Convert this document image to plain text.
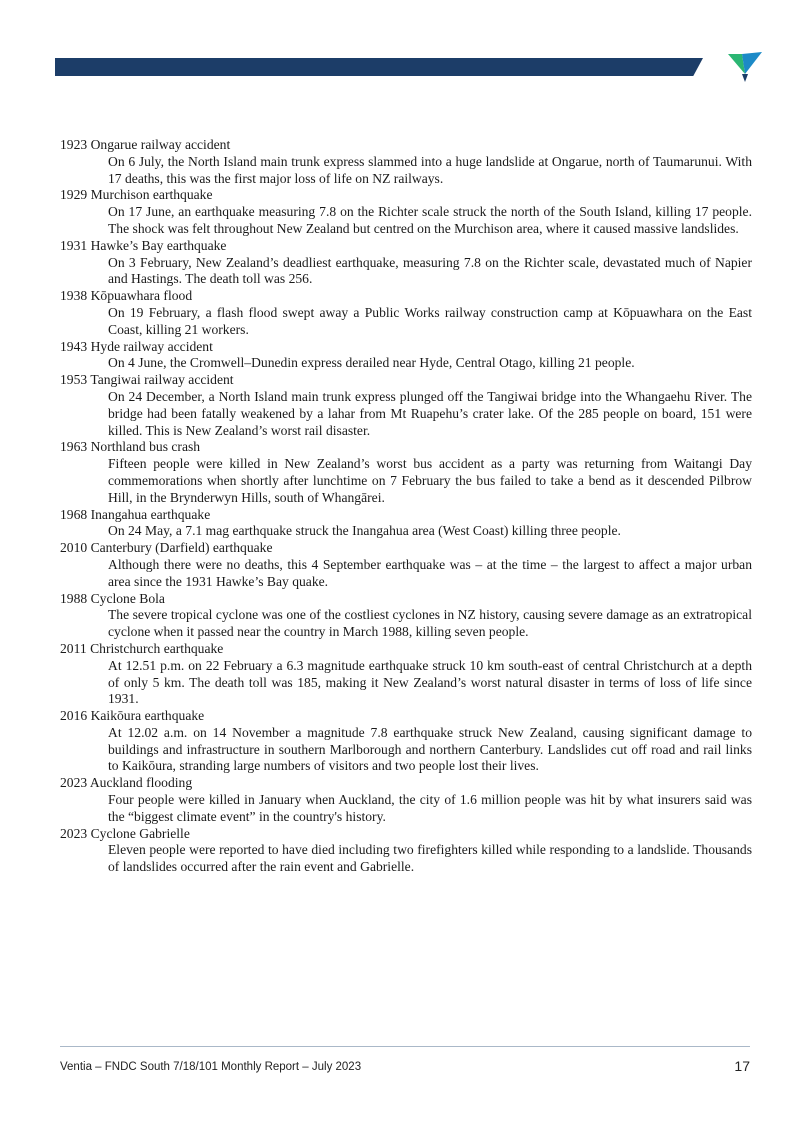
1923 Ongarue railway accident

On 6 July, the North Island main trunk express slammed into a huge landslide at Ongarue, north of Taumarunui. With 17 deaths, this was the first major loss of life on NZ railways.

1929 Murchison earthquake

On 17 June, an earthquake measuring 7.8 on the Richter scale struck the north of the South Island, killing 17 people. The shock was felt throughout New Zealand but centred on the Murchison area, where it caused massive landslides.

1931 Hawke’s Bay earthquake

On 3 February, New Zealand’s deadliest earthquake, measuring 7.8 on the Richter scale, devastated much of Napier and Hastings. The death toll was 256.

1938 Kōpuawhara flood

On 19 February, a flash flood swept away a Public Works railway construction camp at Kōpuawhara on the East Coast, killing 21 workers.

1943 Hyde railway accident

On 4 June, the Cromwell–Dunedin express derailed near Hyde, Central Otago, killing 21 people.

1953 Tangiwai railway accident

On 24 December, a North Island main trunk express plunged off the Tangiwai bridge into the Whangaehu River. The bridge had been fatally weakened by a lahar from Mt Ruapehu’s crater lake. Of the 285 people on board, 151 were killed. This is New Zealand’s worst rail disaster.

1963 Northland bus crash

Fifteen people were killed in New Zealand’s worst bus accident as a party was returning from Waitangi Day commemorations when shortly after lunchtime on 7 February the bus failed to take a bend as it descended Pilbrow Hill, in the Brynderwyn Hills, south of Whangārei.

1968 Inangahua earthquake

On 24 May, a 7.1 mag earthquake struck the Inangahua area (West Coast) killing three people.

2010 Canterbury (Darfield) earthquake

Although there were no deaths, this 4 September earthquake was – at the time – the largest to affect a major urban area since the 1931 Hawke’s Bay quake.

1988 Cyclone Bola

The severe tropical cyclone was one of the costliest cyclones in NZ history, causing severe damage as an extratropical cyclone when it passed near the country in March 1988, killing seven people.

2011 Christchurch earthquake

At 12.51 p.m. on 22 February a 6.3 magnitude earthquake struck 10 km south-east of central Christchurch at a depth of only 5 km. The death toll was 185, making it New Zealand’s worst natural disaster in terms of loss of life since 1931.

2016 Kaikōura earthquake

At 12.02 a.m. on 14 November a magnitude 7.8 earthquake struck New Zealand, causing significant damage to buildings and infrastructure in southern Marlborough and northern Canterbury. Landslides cut off road and rail links to Kaikōura, stranding large numbers of visitors and two people lost their lives.

2023 Auckland flooding

Four people were killed in January when Auckland, the city of 1.6 million people was hit by what insurers said was the “biggest climate event” in the country's history.

2023 Cyclone Gabrielle

Eleven people were reported to have died including two firefighters killed while responding to a landslide. Thousands of landslides occurred after the rain event and Gabrielle.

Ventia – FNDC South 7/18/101 Monthly Report – July 2023	17
